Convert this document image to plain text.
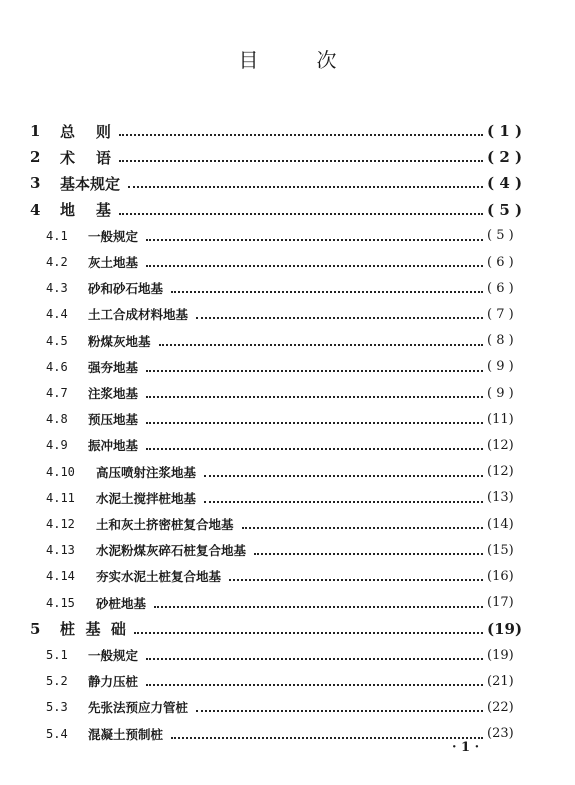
目	次
1 总    则	( 1 )
2 术    语	( 2 )
3 基本规定	( 4 )
4 地    基	( 5 )
4.1 一般规定	( 5 )
4.2 灰土地基	( 6 )
4.3 砂和砂石地基	( 6 )
4.4 土工合成材料地基	( 7 )
4.5 粉煤灰地基	( 8 )
4.6 强夯地基	( 9 )
4.7 注浆地基	( 9 )
4.8 预压地基	(11)
4.9 振冲地基	(12)
4.10 高压喷射注浆地基	(12)
4.11 水泥土搅拌桩地基	(13)
4.12 土和灰土挤密桩复合地基	(14)
4.13 水泥粉煤灰碎石桩复合地基	(15)
4.14 夯实水泥土桩复合地基	(16)
4.15 砂桩地基	(17)
5 桩  基  础	(19)
5.1 一般规定	(19)
5.2 静力压桩	(21)
5.3 先张法预应力管桩	(22)
5.4 混凝土预制桩	(23)
· 1 ·
